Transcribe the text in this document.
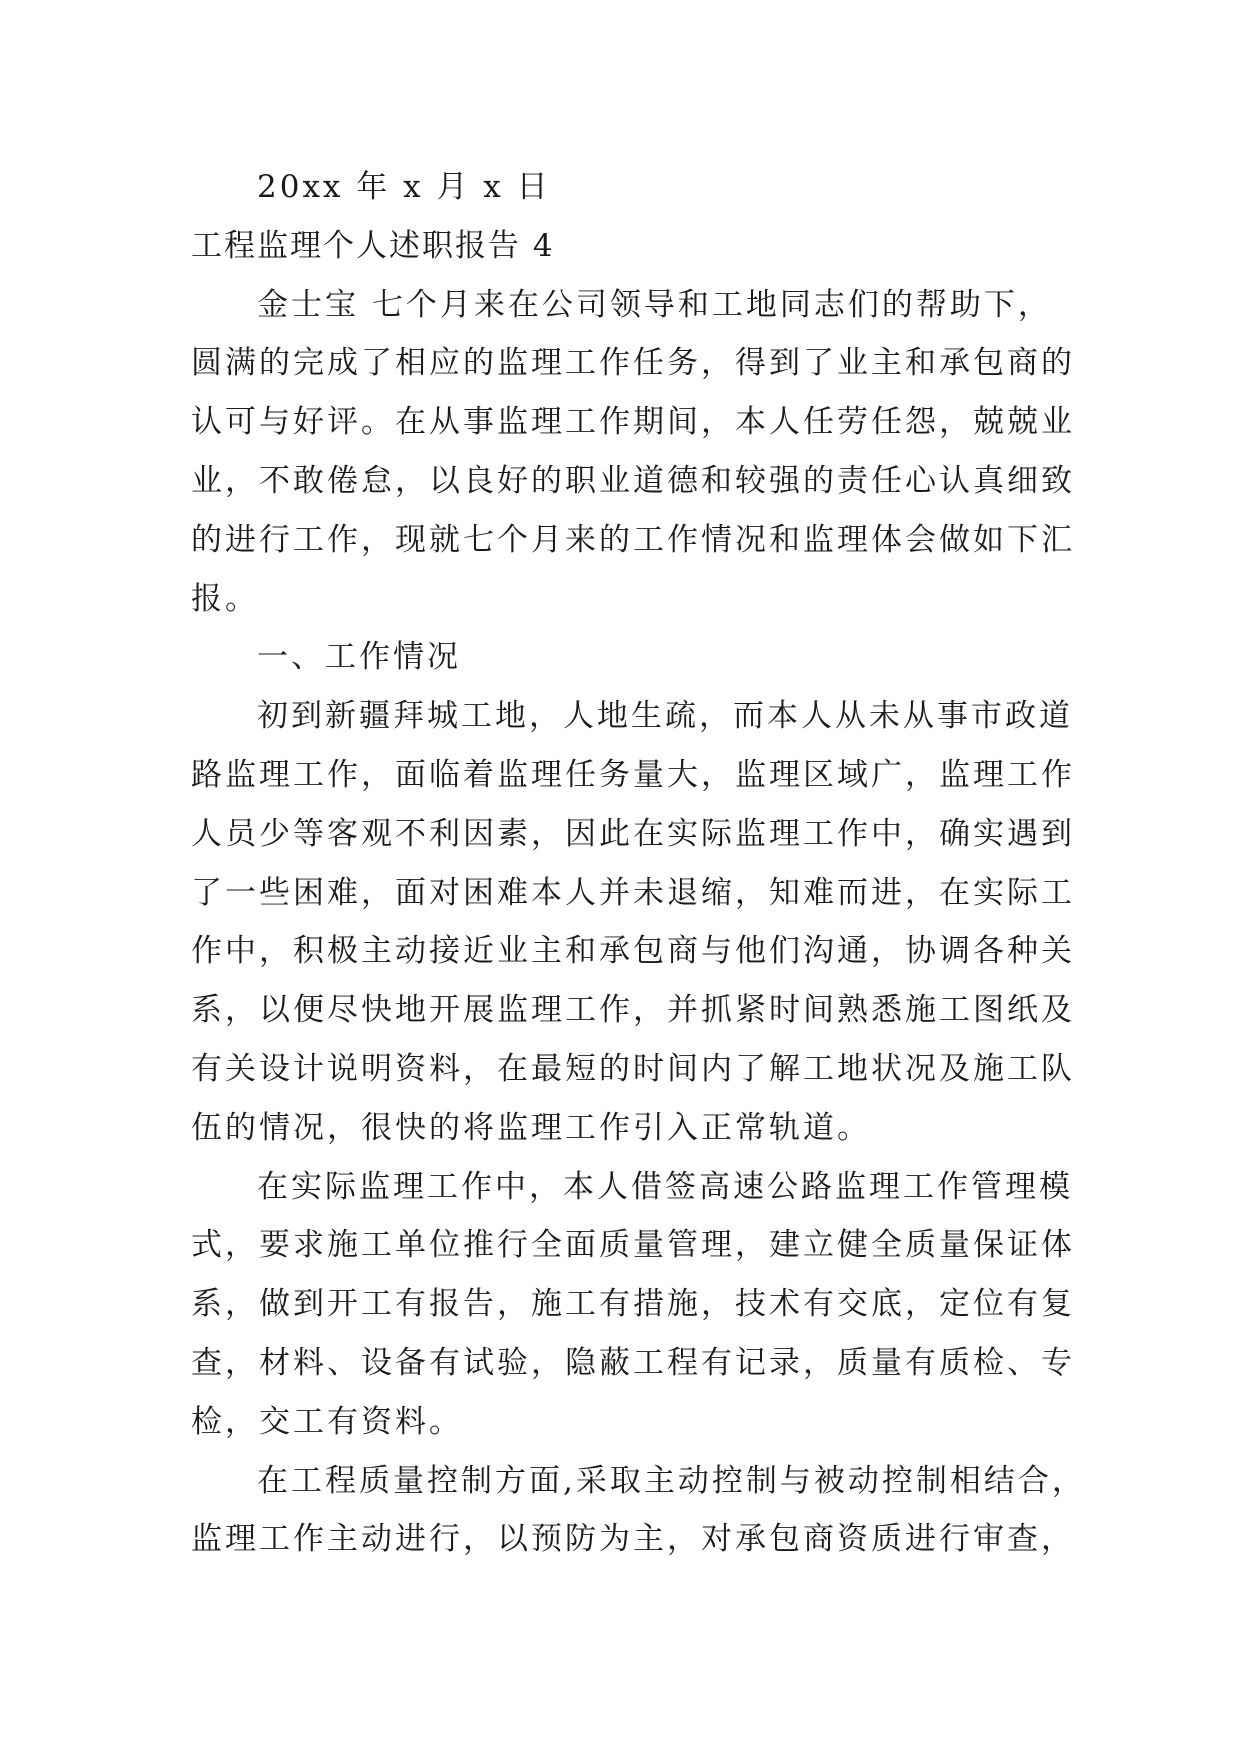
20xx 年 x 月 x 日
工程监理个人述职报告 4
金士宝 七个月来在公司领导和工地同志们的帮助下，
圆满的完成了相应的监理工作任务，得到了业主和承包商的
认可与好评。在从事监理工作期间，本人任劳任怨，兢兢业
业，不敢倦怠，以良好的职业道德和较强的责任心认真细致
的进行工作，现就七个月来的工作情况和监理体会做如下汇
报。
一、工作情况
初到新疆拜城工地，人地生疏，而本人从未从事市政道
路监理工作，面临着监理任务量大，监理区域广，监理工作
人员少等客观不利因素，因此在实际监理工作中，确实遇到
了一些困难，面对困难本人并未退缩，知难而进，在实际工
作中，积极主动接近业主和承包商与他们沟通，协调各种关
系，以便尽快地开展监理工作，并抓紧时间熟悉施工图纸及
有关设计说明资料，在最短的时间内了解工地状况及施工队
伍的情况，很快的将监理工作引入正常轨道。
在实际监理工作中，本人借签高速公路监理工作管理模
式，要求施工单位推行全面质量管理，建立健全质量保证体
系，做到开工有报告，施工有措施，技术有交底，定位有复
查，材料、设备有试验，隐蔽工程有记录，质量有质检、专
检，交工有资料。
在工程质量控制方面,采取主动控制与被动控制相结合，
监理工作主动进行，以预防为主，对承包商资质进行审查，
